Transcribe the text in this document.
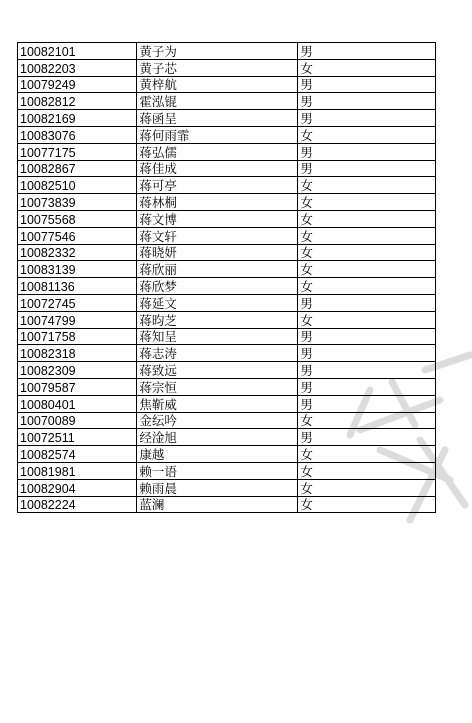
10082101	黄子为	男
10082203	黄子芯	女
10079249	黄梓航	男
10082812	霍泓锟	男
10082169	蒋函呈	男
10083076	蒋何雨霏	女
10077175	蒋弘儒	男
10082867	蒋佳成	男
10082510	蒋可亭	女
10073839	蒋林桐	女
10075568	蒋文博	女
10077546	蒋文轩	女
10082332	蒋晓妍	女
10083139	蒋欣丽	女
10081136	蒋欣梦	女
10072745	蒋延文	男
10074799	蒋昀芝	女
10071758	蒋知呈	男
10082318	蒋志涛	男
10082309	蒋致远	男
10079587	蒋宗恒	男
10080401	焦靳威	男
10070089	金纭吟	女
10072511	经淦旭	男
10082574	康越	女
10081981	赖一语	女
10082904	赖雨晨	女
10082224	蓝澜	女
